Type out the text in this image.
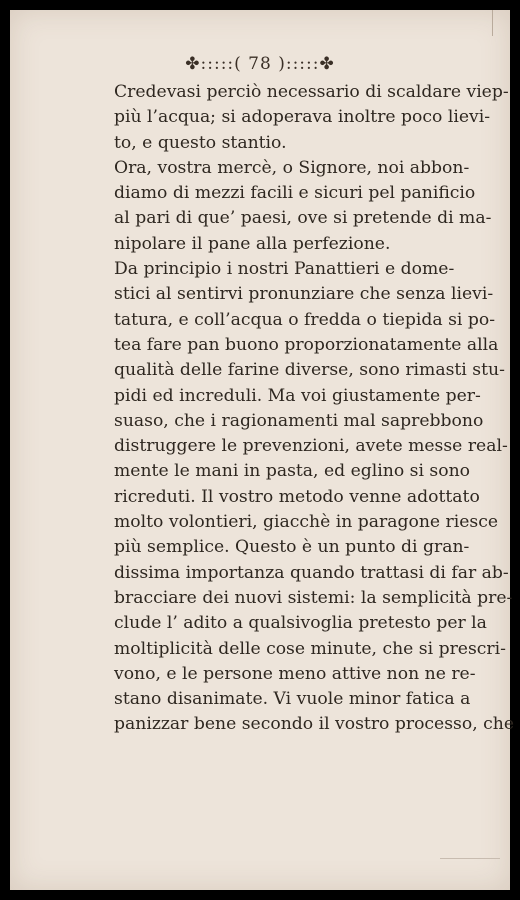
✤:::::( 78 ):::::✤
Credevasi perciò necessario di scaldare viep-
più l’acqua; si adoperava inoltre poco lievi-
to, e questo stantio.
Ora, vostra mercè, o Signore, noi abbon-
diamo di mezzi facili e sicuri pel panificio
al pari di que’ paesi, ove si pretende di ma-
nipolare il pane alla perfezione.
Da principio i nostri Panattieri e dome-
stici al sentirvi pronunziare che senza lievi-
tatura, e coll’acqua o fredda o tiepida si po-
tea fare pan buono proporzionatamente alla
qualità delle farine diverse, sono rimasti stu-
pidi ed increduli. Ma voi giustamente per-
suaso, che i ragionamenti mal saprebbono
distruggere le prevenzioni, avete messe real-
mente le mani in pasta, ed eglino si sono
ricreduti. Il vostro metodo venne adottato
molto volontieri, giacchè in paragone riesce
più semplice. Questo è un punto di gran-
dissima importanza quando trattasi di far ab-
bracciare dei nuovi sistemi: la semplicità pre-
clude l’ adito a qualsivoglia pretesto per la
moltiplicità delle cose minute, che si prescri-
vono, e le persone meno attive non ne re-
stano disanimate. Vi vuole minor fatica a
panizzar bene secondo il vostro processo, che
